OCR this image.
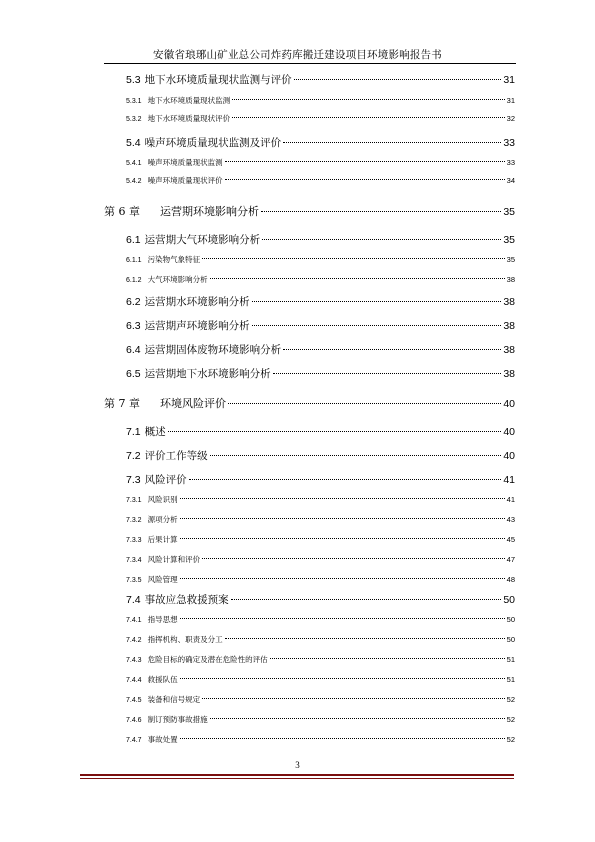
安徽省琅琊山矿业总公司炸药库搬迁建设项目环境影响报告书
5.3 地下水环境质量现状监测与评价	31
5.3.1 地下水环境质量现状监测	31
5.3.2 地下水环境质量现状评价	32
5.4 噪声环境质量现状监测及评价	33
5.4.1 噪声环境质量现状监测	33
5.4.2 噪声环境质量现状评价	34
第 6 章 运营期环境影响分析	35
6.1 运营期大气环境影响分析	35
6.1.1 污染物气象特征	35
6.1.2 大气环境影响分析	38
6.2 运营期水环境影响分析	38
6.3 运营期声环境影响分析	38
6.4 运营期固体废物环境影响分析	38
6.5 运营期地下水环境影响分析	38
第 7 章 环境风险评价	40
7.1 概述	40
7.2 评价工作等级	40
7.3 风险评价	41
7.3.1 风险识别	41
7.3.2 源项分析	43
7.3.3 后果计算	45
7.3.4 风险计算和评价	47
7.3.5 风险管理	48
7.4 事故应急救援预案	50
7.4.1 指导思想	50
7.4.2 指挥机构、职责及分工	50
7.4.3 危险目标的确定及潜在危险性的评估	51
7.4.4 救援队伍	51
7.4.5 装备和信号规定	52
7.4.6 制订预防事故措施	52
7.4.7 事故处置	52
3
